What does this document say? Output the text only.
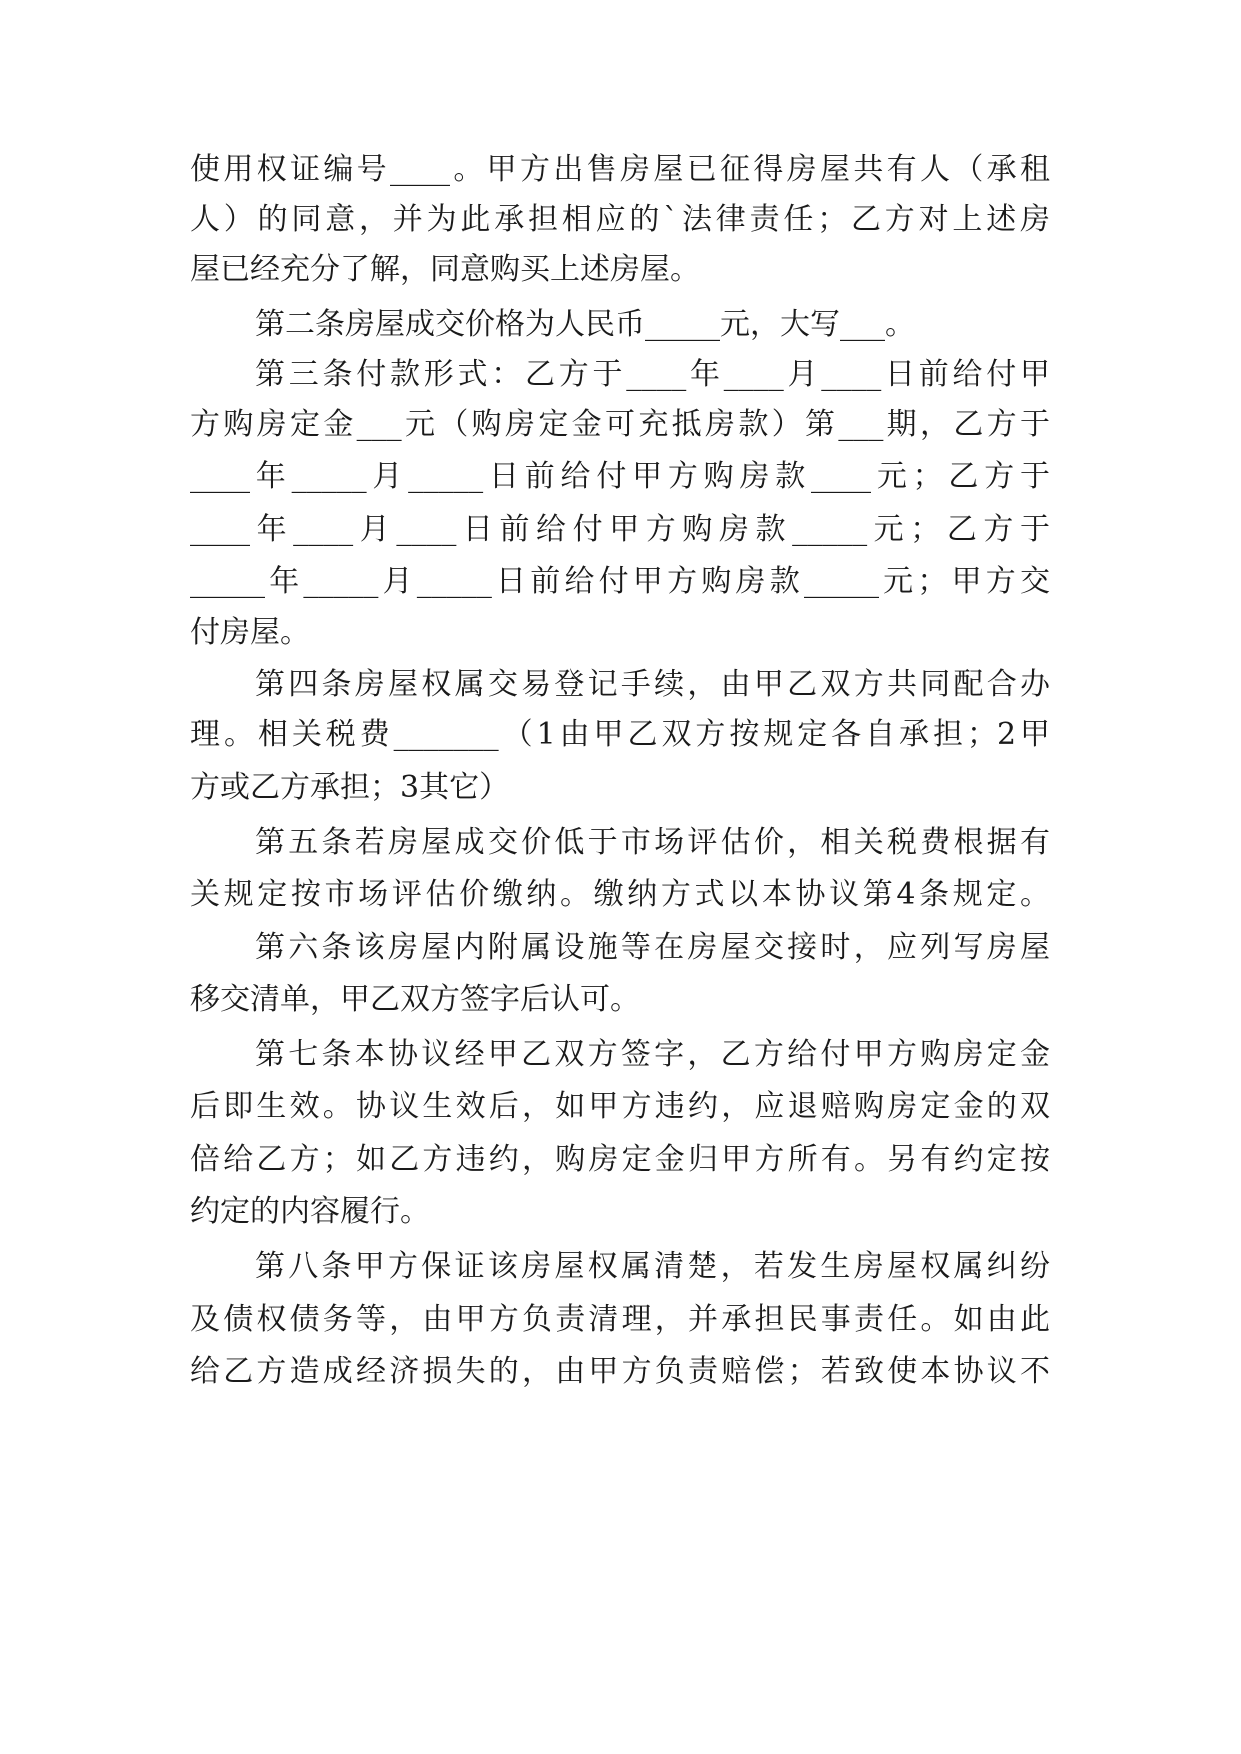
使用权证编号____。甲方出售房屋已征得房屋共有人（承租

人）的同意，并为此承担相应的`法律责任；乙方对上述房

屋已经充分了解，同意购买上述房屋。

第二条房屋成交价格为人民币_____元，大写___。

第三条付款形式：乙方于____年____月____日前给付甲

方购房定金___元（购房定金可充抵房款）第___期，乙方于

____年_____月_____日前给付甲方购房款____元；乙方于

____年____月____日前给付甲方购房款_____元；乙方于

_____年_____月_____日前给付甲方购房款_____元；甲方交

付房屋。

第四条房屋权属交易登记手续，由甲乙双方共同配合办

理。相关税费_______（1由甲乙双方按规定各自承担；2甲

方或乙方承担；3其它）

第五条若房屋成交价低于市场评估价，相关税费根据有

关规定按市场评估价缴纳。缴纳方式以本协议第4条规定。

第六条该房屋内附属设施等在房屋交接时，应列写房屋

移交清单，甲乙双方签字后认可。

第七条本协议经甲乙双方签字，乙方给付甲方购房定金

后即生效。协议生效后，如甲方违约，应退赔购房定金的双

倍给乙方；如乙方违约，购房定金归甲方所有。另有约定按

约定的内容履行。

第八条甲方保证该房屋权属清楚，若发生房屋权属纠纷

及债权债务等，由甲方负责清理，并承担民事责任。如由此

给乙方造成经济损失的，由甲方负责赔偿；若致使本协议不
